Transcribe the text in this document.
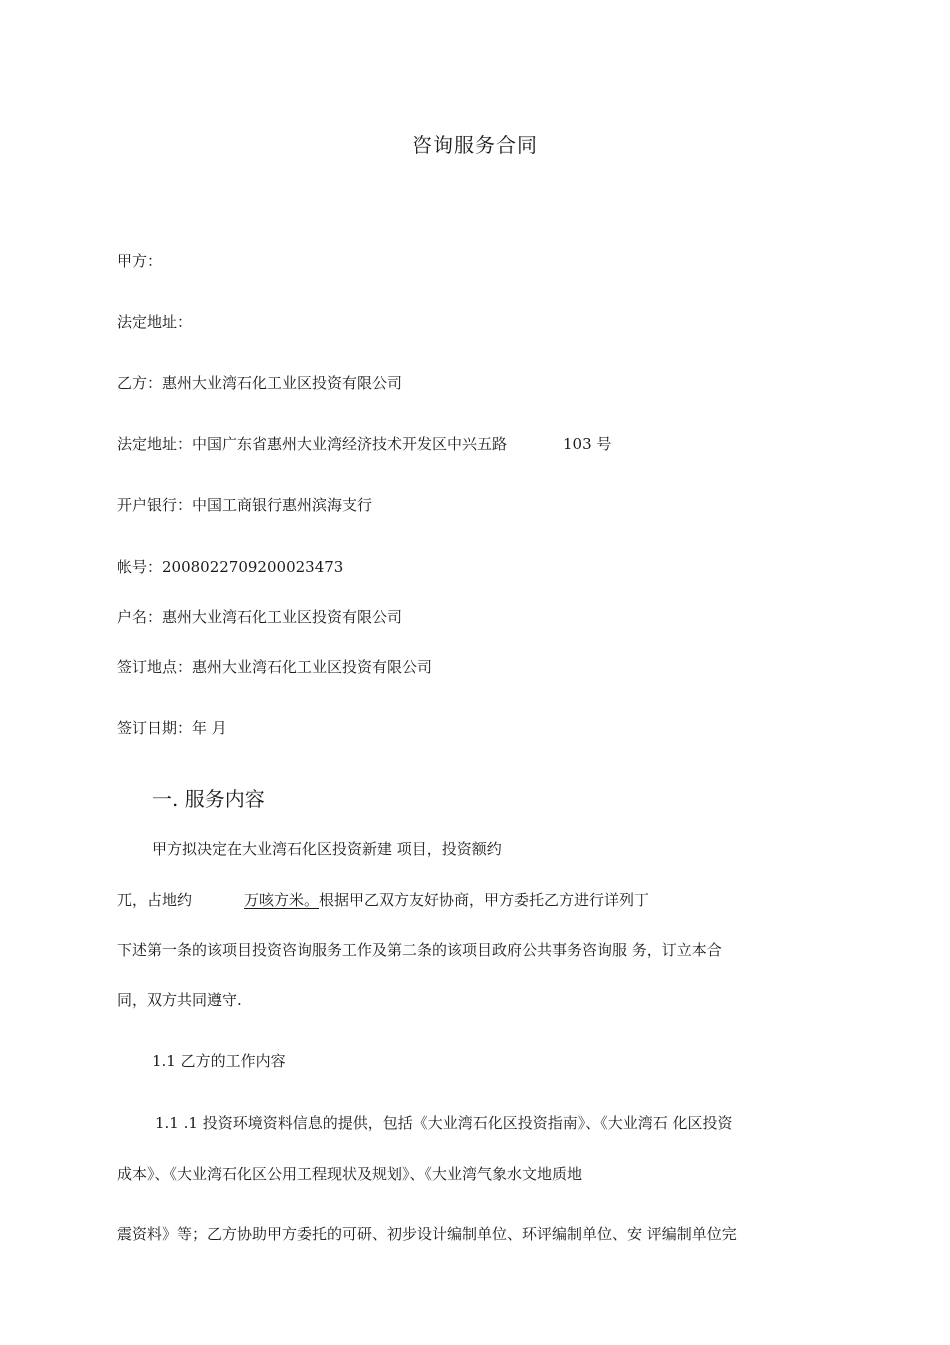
咨询服务合同
甲方：
法定地址：
乙方：惠州大业湾石化工业区投资有限公司
法定地址：中国广东省惠州大业湾经济技术开发区中兴五路	103 号
开户银行：中国工商银行惠州滨海支行
帐号：2008022709200023473
户名：惠州大业湾石化工业区投资有限公司
签订地点：惠州大业湾石化工业区投资有限公司
签订日期：年 月
一. 服务内容
甲方拟决定在大业湾石化区投资新建 项目，投资额约
兀，占地约	万咳方米。根据甲乙双方友好协商，甲方委托乙方进行详列丁
下述第一条的该项目投资咨询服务工作及第二条的该项目政府公共事务咨询服 务，订立本合
同，双方共同遵守.
1.1 乙方的工作内容
1.1 .1 投资环境资料信息的提供，包括《大业湾石化区投资指南》、《大业湾石 化区投资
成本》、《大业湾石化区公用工程现状及规划》、《大业湾气象水文地质地
震资料》等；乙方协助甲方委托的可研、初步设计编制单位、环评编制单位、安 评编制单位完
